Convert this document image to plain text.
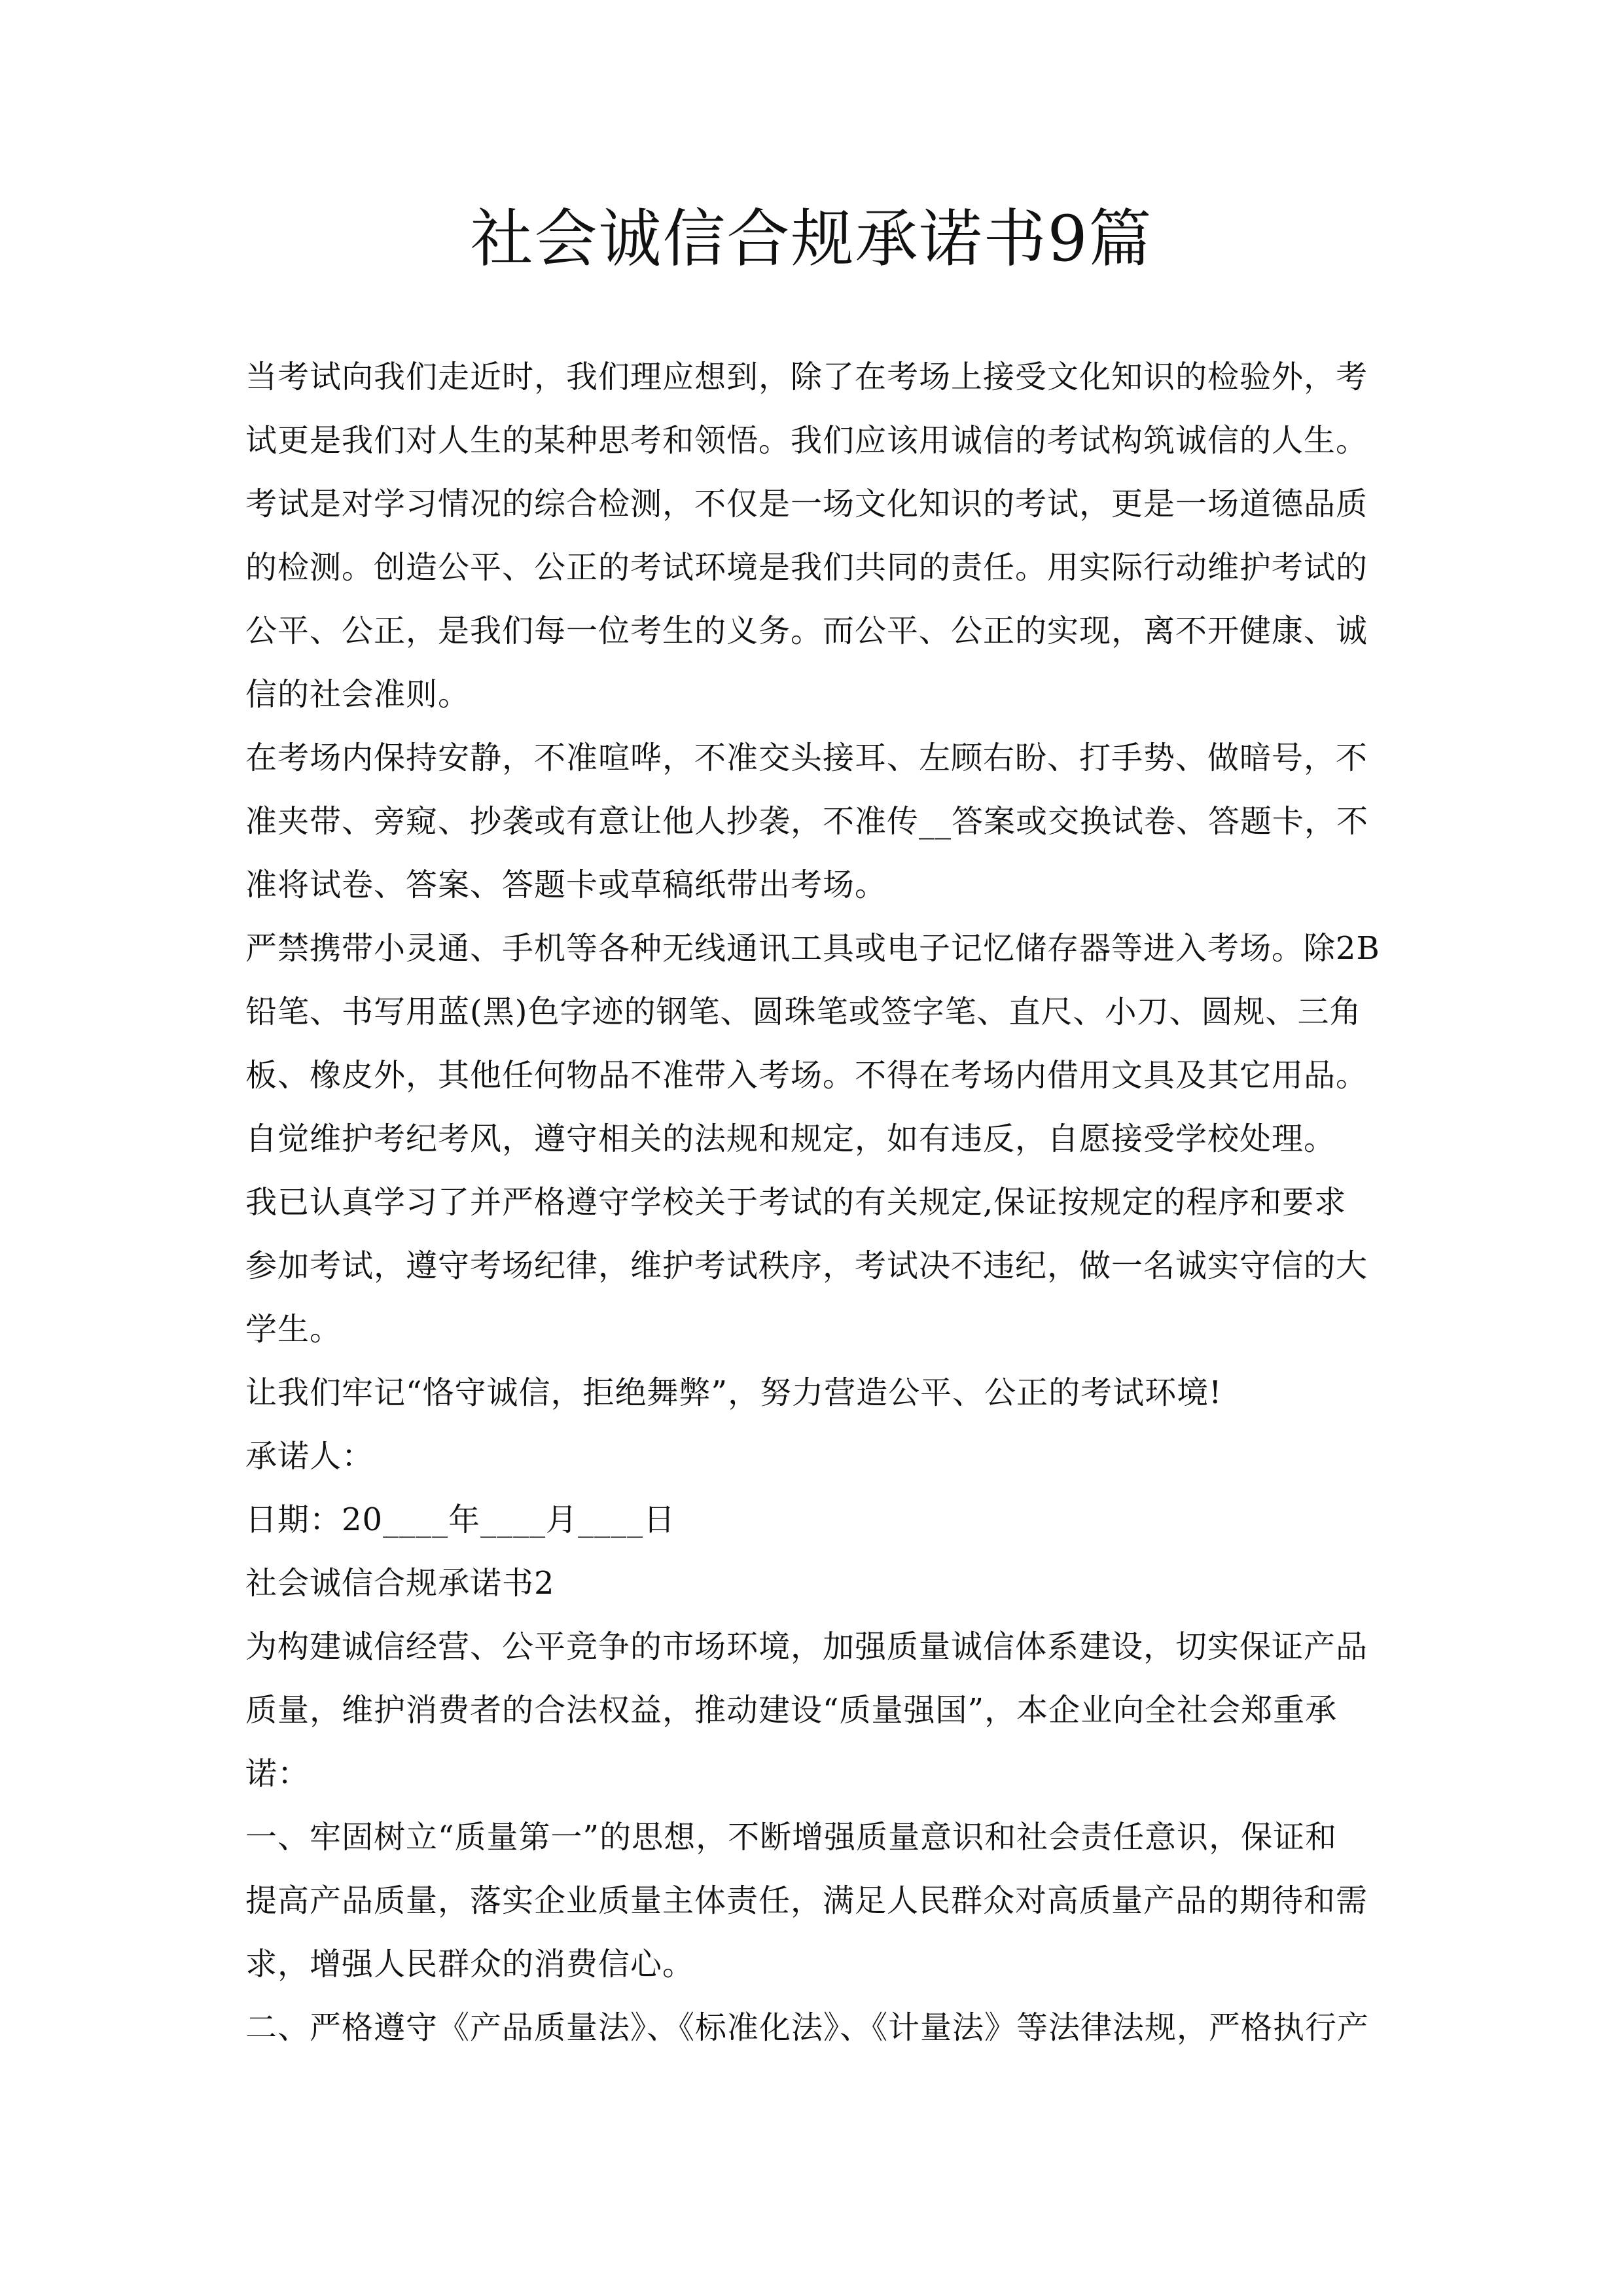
社会诚信合规承诺书9篇
当考试向我们走近时，我们理应想到，除了在考场上接受文化知识的检验外，考
试更是我们对人生的某种思考和领悟。我们应该用诚信的考试构筑诚信的人生。
考试是对学习情况的综合检测，不仅是一场文化知识的考试，更是一场道德品质
的检测。创造公平、公正的考试环境是我们共同的责任。用实际行动维护考试的
公平、公正，是我们每一位考生的义务。而公平、公正的实现，离不开健康、诚
信的社会准则。
在考场内保持安静，不准喧哗，不准交头接耳、左顾右盼、打手势、做暗号，不
准夹带、旁窥、抄袭或有意让他人抄袭，不准传__答案或交换试卷、答题卡，不
准将试卷、答案、答题卡或草稿纸带出考场。
严禁携带小灵通、手机等各种无线通讯工具或电子记忆储存器等进入考场。除2B
铅笔、书写用蓝(黑)色字迹的钢笔、圆珠笔或签字笔、直尺、小刀、圆规、三角
板、橡皮外，其他任何物品不准带入考场。不得在考场内借用文具及其它用品。
自觉维护考纪考风，遵守相关的法规和规定，如有违反，自愿接受学校处理。
我已认真学习了并严格遵守学校关于考试的有关规定,保证按规定的程序和要求
参加考试，遵守考场纪律，维护考试秩序，考试决不违纪，做一名诚实守信的大
学生。
让我们牢记“恪守诚信，拒绝舞弊”，努力营造公平、公正的考试环境!
承诺人：
日期：20____年____月____日
社会诚信合规承诺书2
为构建诚信经营、公平竞争的市场环境，加强质量诚信体系建设，切实保证产品
质量，维护消费者的合法权益，推动建设“质量强国”，本企业向全社会郑重承
诺：
一、牢固树立“质量第一”的思想，不断增强质量意识和社会责任意识，保证和
提高产品质量，落实企业质量主体责任，满足人民群众对高质量产品的期待和需
求，增强人民群众的消费信心。
二、严格遵守《产品质量法》、《标准化法》、《计量法》等法律法规，严格执行产
